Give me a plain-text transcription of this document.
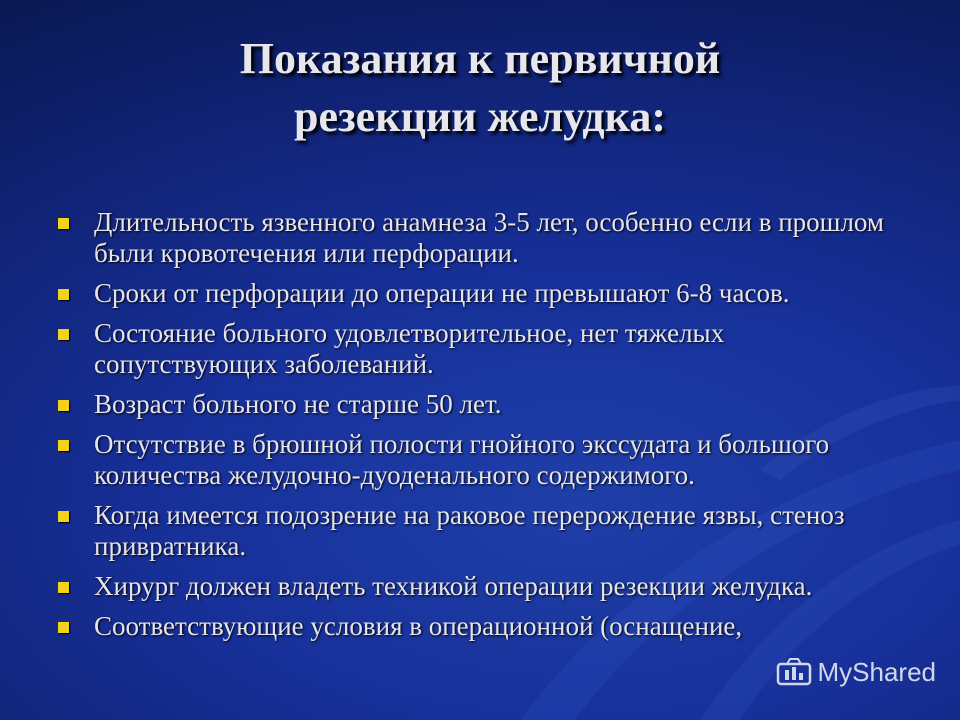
Показания к первичной
резекции желудка:
Длительность язвенного анамнеза 3-5 лет, особенно если в прошлом были кровотечения или перфорации.
Сроки от перфорации до операции не превышают 6-8 часов.
Состояние больного удовлетворительное, нет тяжелых сопутствующих заболеваний.
Возраст больного не старше 50 лет.
Отсутствие в брюшной полости гнойного экссудата и большого количества желудочно-дуоденального содержимого.
Когда имеется подозрение на раковое перерождение язвы, стеноз привратника.
Хирург должен владеть техникой операции резекции желудка.
Соответствующие условия в операционной (оснащение,
MyShared
